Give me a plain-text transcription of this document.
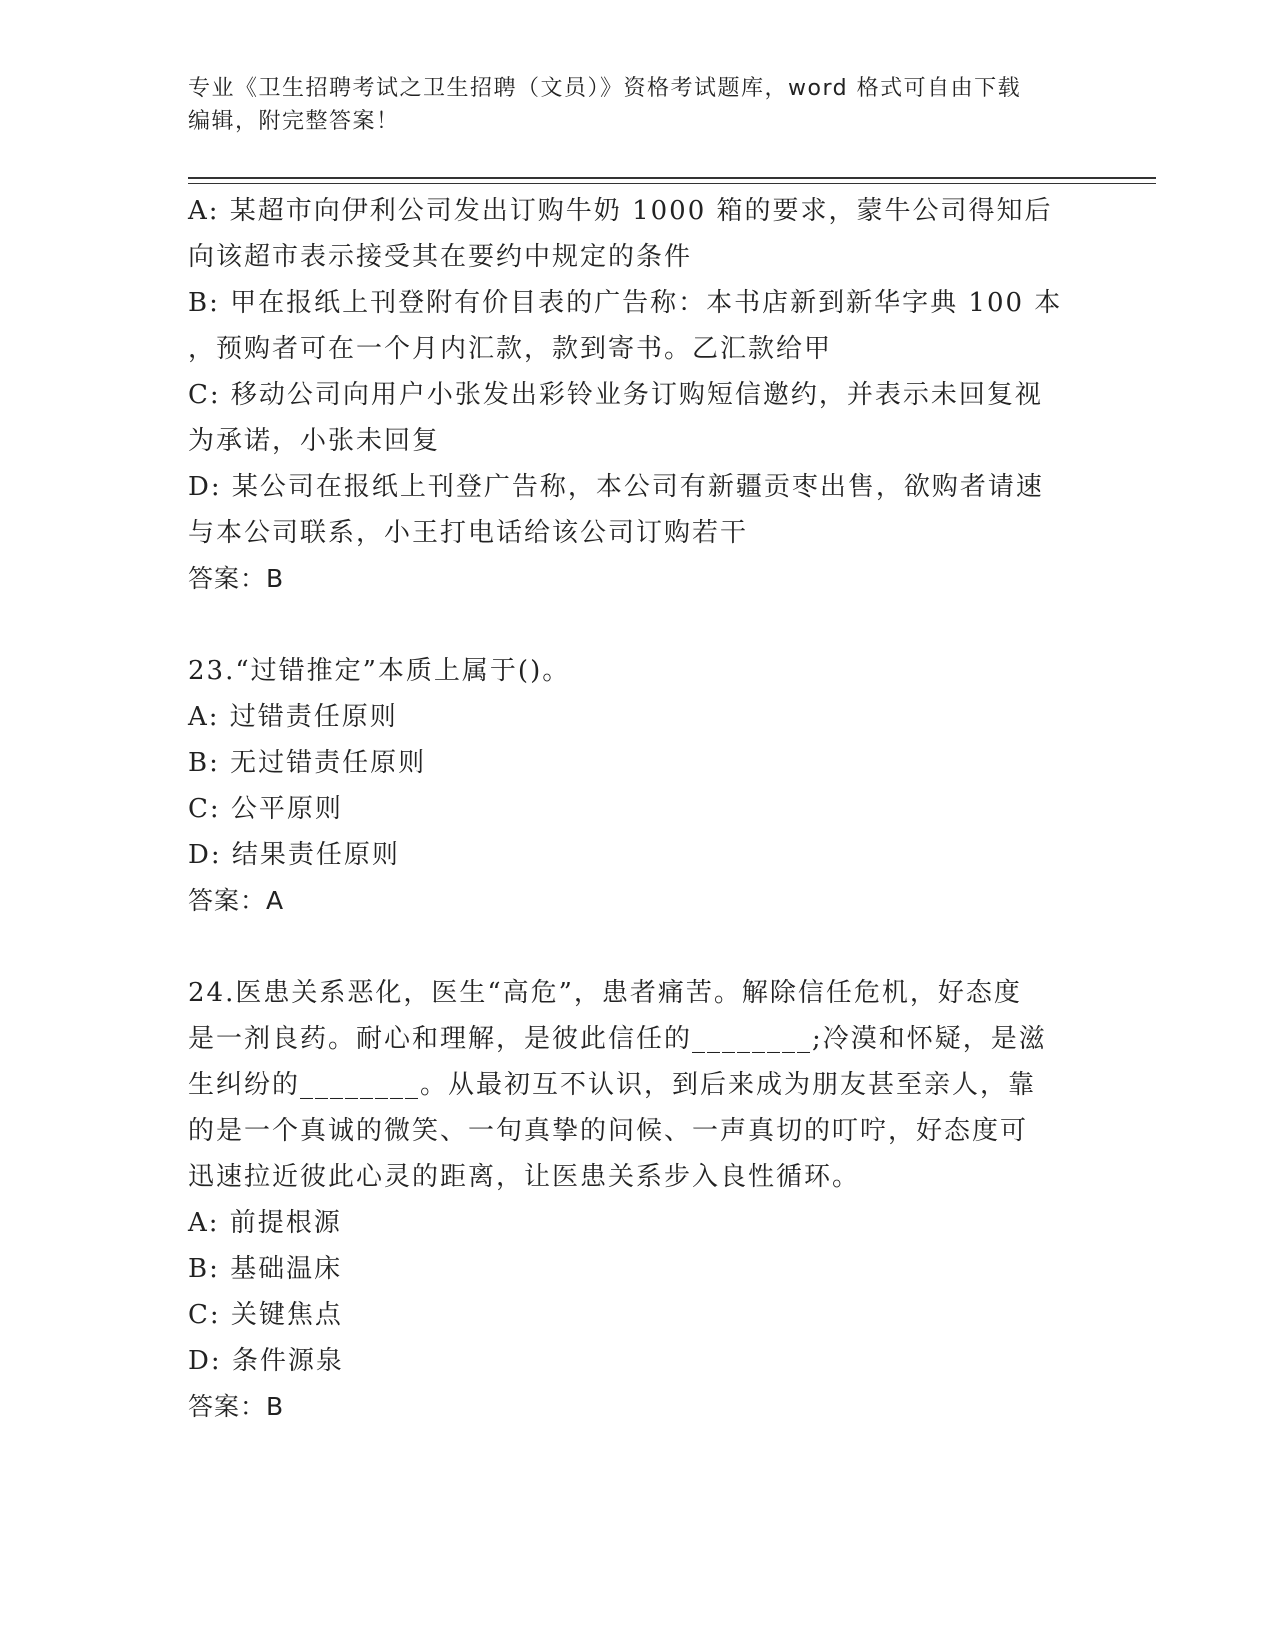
专业《卫生招聘考试之卫生招聘（文员）》资格考试题库，word 格式可自由下载
编辑，附完整答案！
A: 某超市向伊利公司发出订购牛奶 1000 箱的要求，蒙牛公司得知后
向该超市表示接受其在要约中规定的条件
B: 甲在报纸上刊登附有价目表的广告称：本书店新到新华字典 100 本
，预购者可在一个月内汇款，款到寄书。乙汇款给甲
C: 移动公司向用户小张发出彩铃业务订购短信邀约，并表示未回复视
为承诺，小张未回复
D: 某公司在报纸上刊登广告称，本公司有新疆贡枣出售，欲购者请速
与本公司联系，小王打电话给该公司订购若干
答案：B
23.“过错推定”本质上属于()。
A: 过错责任原则
B: 无过错责任原则
C: 公平原则
D: 结果责任原则
答案：A
24.医患关系恶化，医生“高危”，患者痛苦。解除信任危机，好态度
是一剂良药。耐心和理解，是彼此信任的________;冷漠和怀疑，是滋
生纠纷的________。从最初互不认识，到后来成为朋友甚至亲人，靠
的是一个真诚的微笑、一句真挚的问候、一声真切的叮咛，好态度可
迅速拉近彼此心灵的距离，让医患关系步入良性循环。
A: 前提根源
B: 基础温床
C: 关键焦点
D: 条件源泉
答案：B
